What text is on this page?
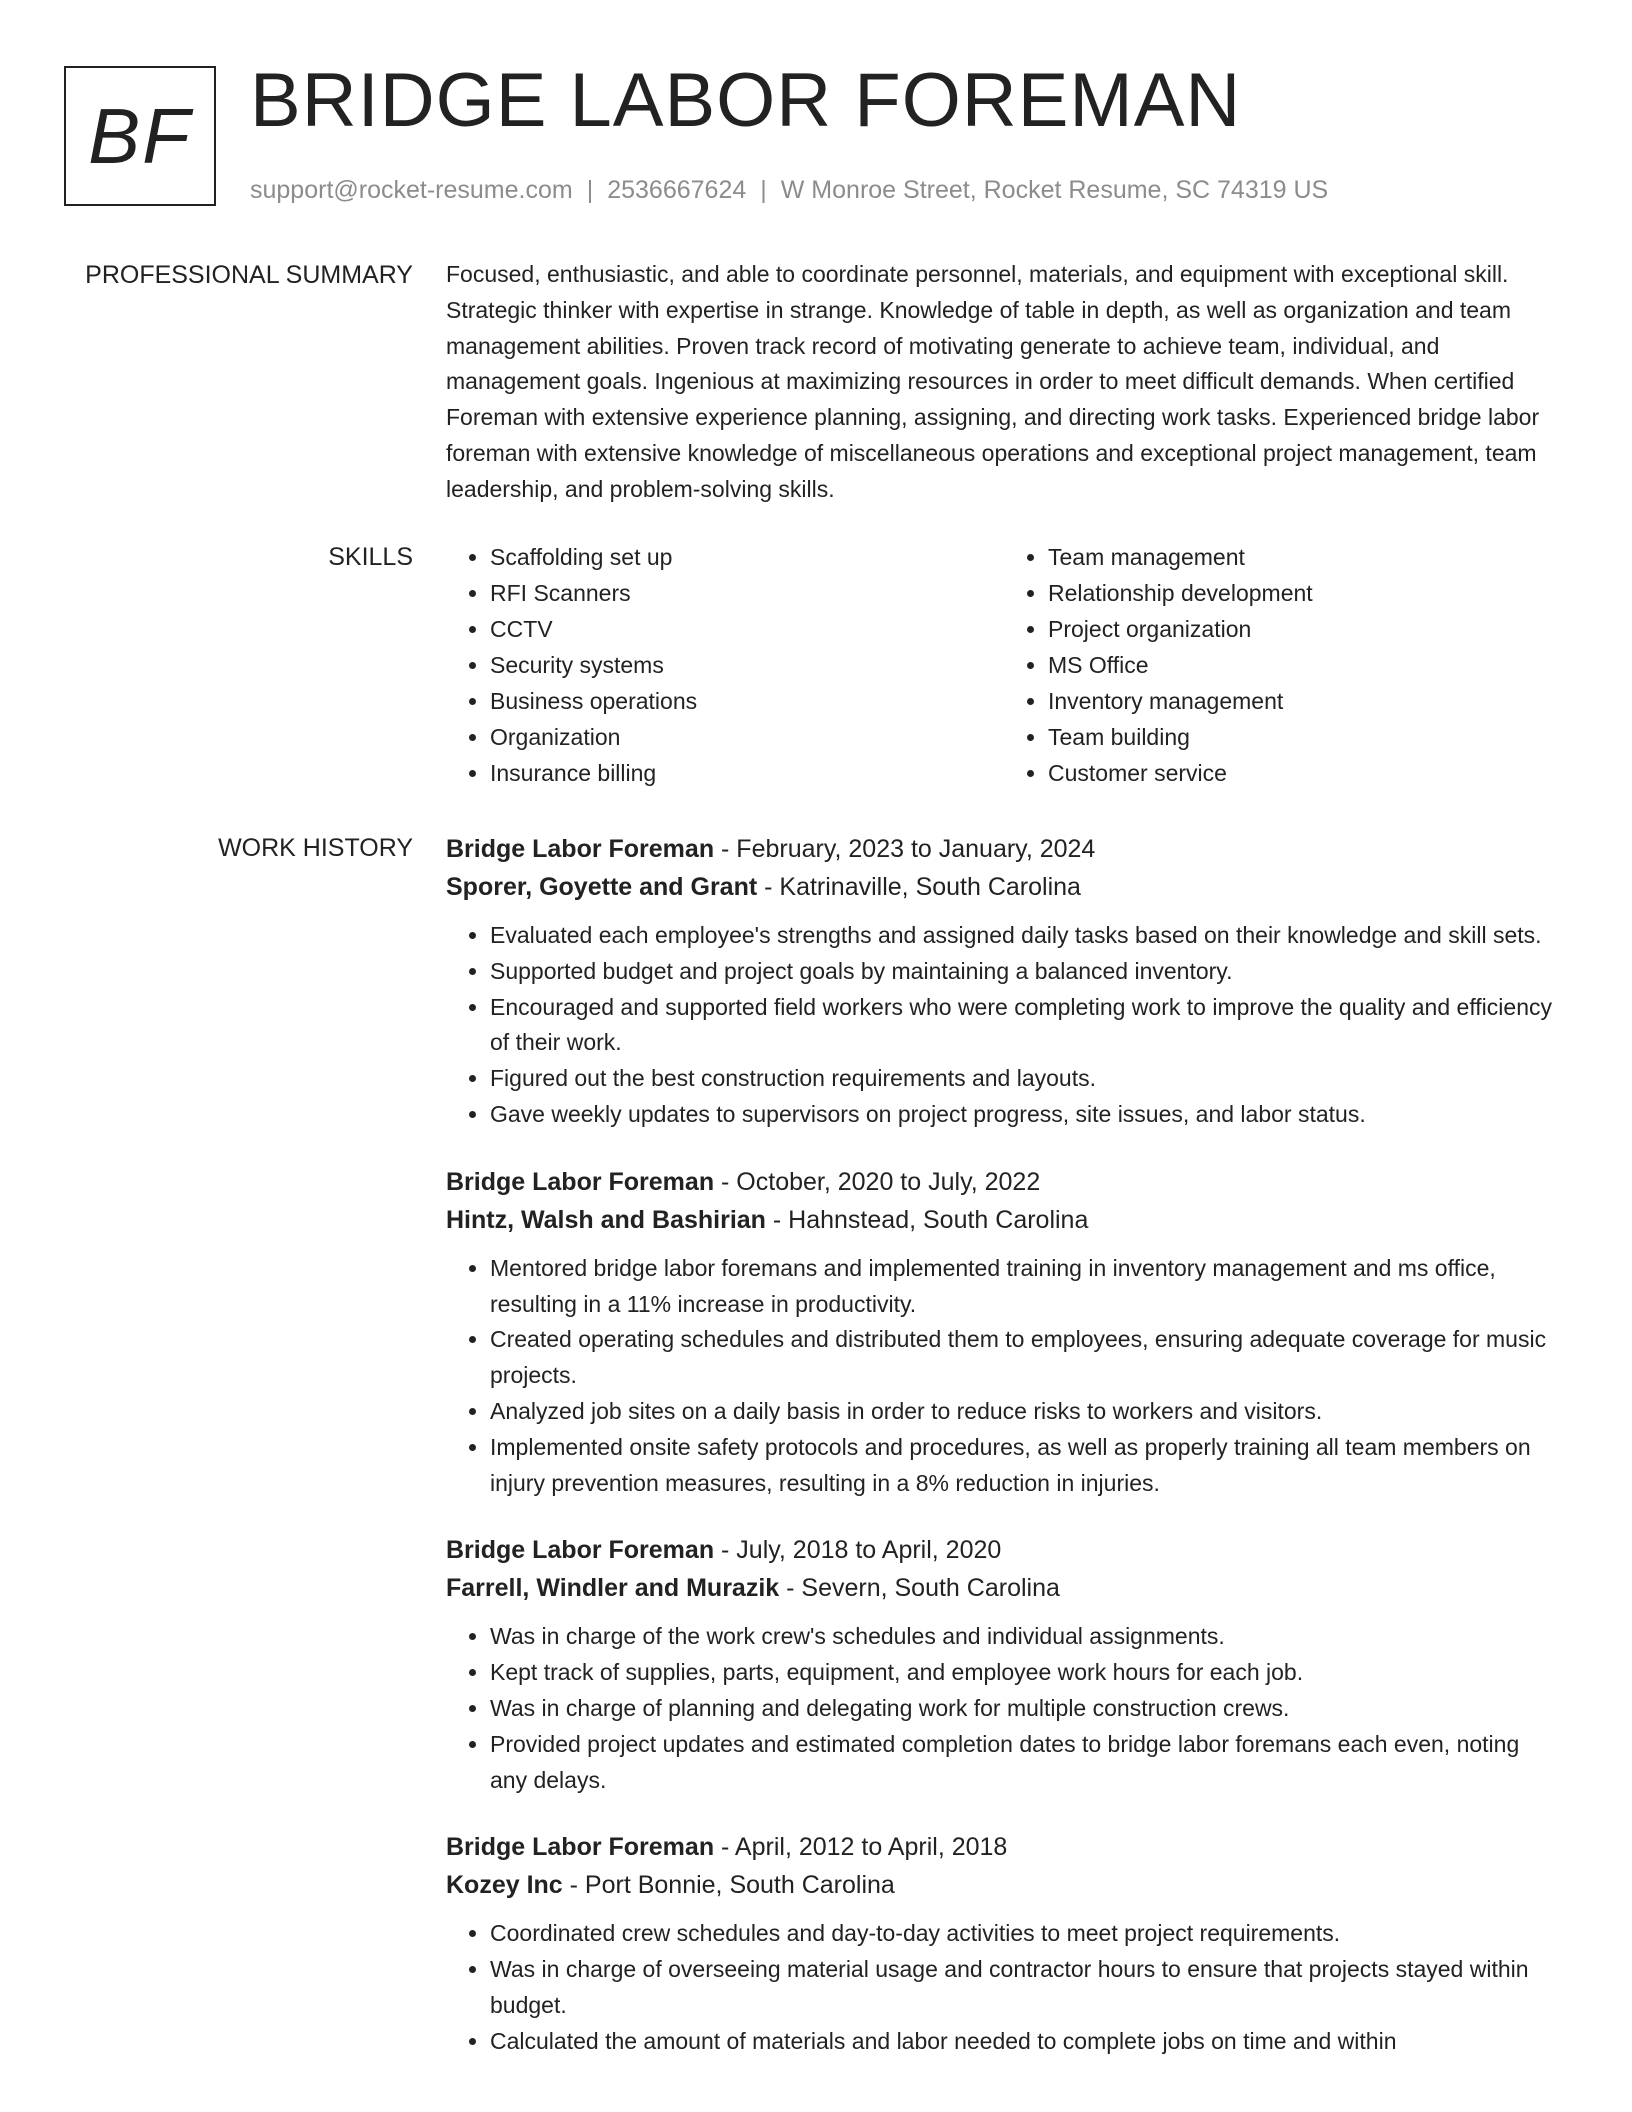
BF BRIDGE LABOR FOREMAN
support@rocket-resume.com | 2536667624 | W Monroe Street, Rocket Resume, SC 74319 US
PROFESSIONAL SUMMARY Focused, enthusiastic, and able to coordinate personnel, materials, and equipment with exceptional skill. Strategic thinker with expertise in strange. Knowledge of table in depth, as well as organization and team management abilities. Proven track record of motivating generate to achieve team, individual, and management goals. Ingenious at maximizing resources in order to meet difficult demands. When certified Foreman with extensive experience planning, assigning, and directing work tasks. Experienced bridge labor foreman with extensive knowledge of miscellaneous operations and exceptional project management, team leadership, and problem-solving skills.

SKILLS
•	Scaffolding set up
• RFI Scanners
• CCTV
• Security systems
• Business operations
• Organization
• Insurance billing
• Team management
• Relationship development
• Project organization
• MS Office
• Inventory management
• Team building
• Customer service
WORK HISTORY Bridge Labor Foreman - February, 2023 to January, 2024
Sporer, Goyette and Grant - Katrinaville, South Carolina
• Evaluated each employee's strengths and assigned daily tasks based on their knowledge and skill sets.
• Supported budget and project goals by maintaining a balanced inventory.
• Encouraged and supported field workers who were completing work to improve the quality and efficiency of their work.
• Figured out the best construction requirements and layouts.
• Gave weekly updates to supervisors on project progress, site issues, and labor status.
Bridge Labor Foreman - October, 2020 to July, 2022
Hintz, Walsh and Bashirian - Hahnstead, South Carolina
• Mentored bridge labor foremans and implemented training in inventory management and ms office, resulting in a 11% increase in productivity.
• Created operating schedules and distributed them to employees, ensuring adequate coverage for music projects.
• Analyzed job sites on a daily basis in order to reduce risks to workers and visitors.
• Implemented onsite safety protocols and procedures, as well as properly training all team members on injury prevention measures, resulting in a 8% reduction in injuries.
Bridge Labor Foreman - July, 2018 to April, 2020
Farrell, Windler and Murazik - Severn, South Carolina
• Was in charge of the work crew's schedules and individual assignments.
• Kept track of supplies, parts, equipment, and employee work hours for each job.
• Was in charge of planning and delegating work for multiple construction crews.
• Provided project updates and estimated completion dates to bridge labor foremans each even, noting any delays.
Bridge Labor Foreman - April, 2012 to April, 2018
Kozey Inc - Port Bonnie, South Carolina
• Coordinated crew schedules and day-to-day activities to meet project requirements.
• Was in charge of overseeing material usage and contractor hours to ensure that projects stayed within budget.
• Calculated the amount of materials and labor needed to complete jobs on time and within
